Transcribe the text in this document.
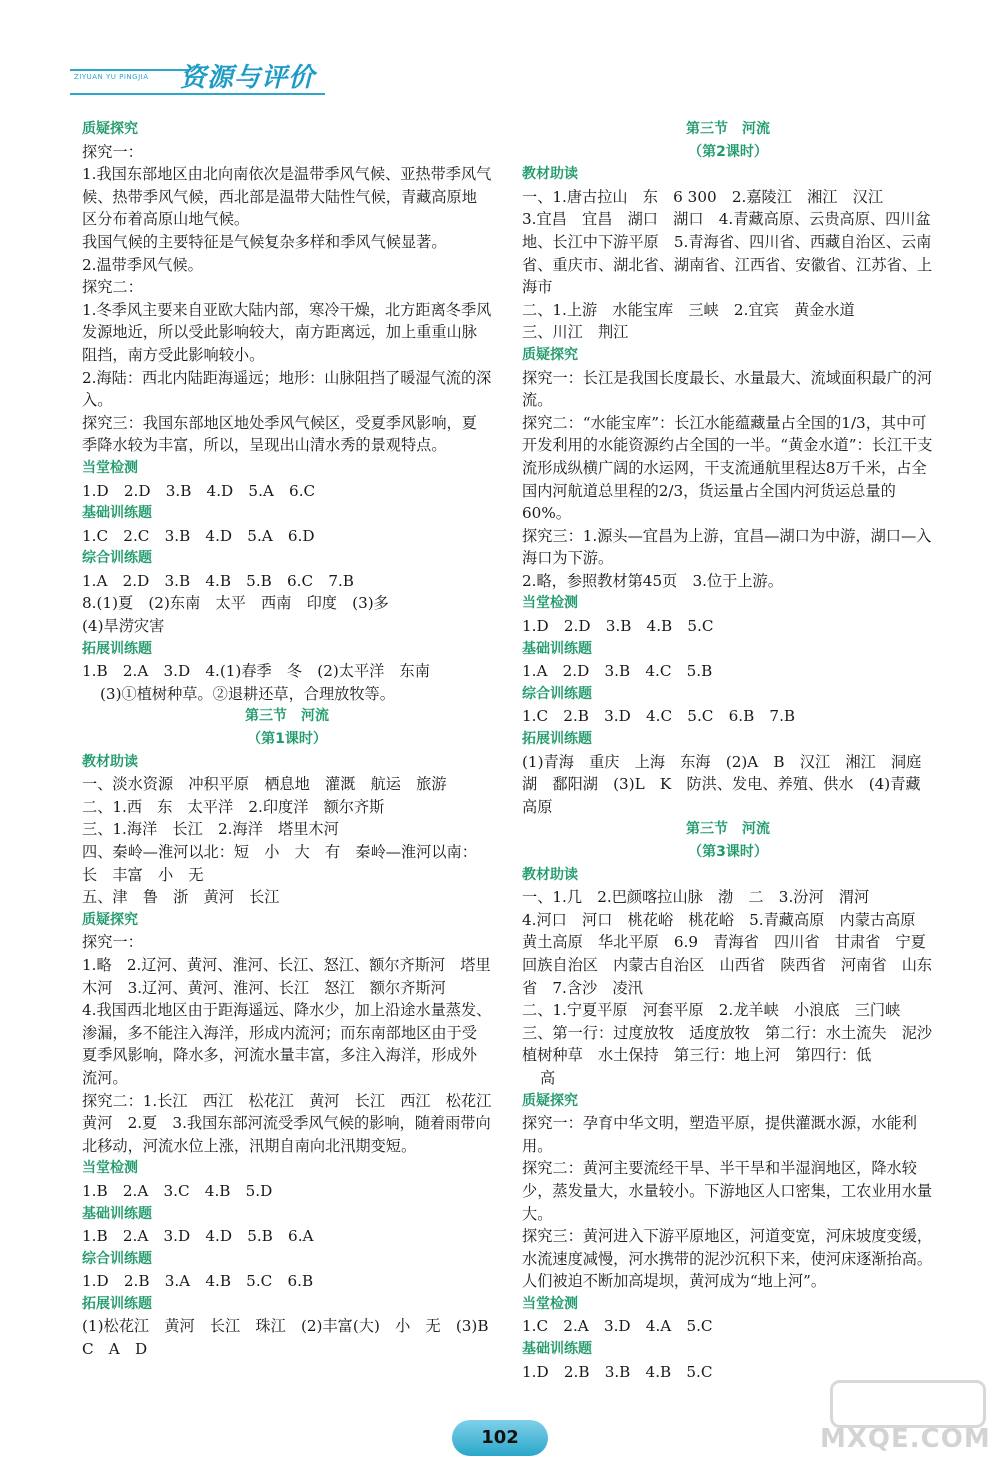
ZIYUAN YU PINGJIA 资源与评价
质疑探究
探究一：
1.我国东部地区由北向南依次是温带季风气候、亚热带季风气候、热带季风气候，西北部是温带大陆性气候，青藏高原地区分布着高原山地气候。
我国气候的主要特征是气候复杂多样和季风气候显著。
2.温带季风气候。
探究二：
1.冬季风主要来自亚欧大陆内部，寒冷干燥，北方距离冬季风发源地近，所以受此影响较大，南方距离远，加上重重山脉阻挡，南方受此影响较小。
2.海陆：西北内陆距海遥远；地形：山脉阻挡了暖湿气流的深入。
探究三：我国东部地区地处季风气候区，受夏季风影响，夏季降水较为丰富，所以，呈现出山清水秀的景观特点。
当堂检测
1.D　2.D　3.B　4.D　5.A　6.C
基础训练题
1.C　2.C　3.B　4.D　5.A　6.D
综合训练题
1.A　2.D　3.B　4.B　5.B　6.C　7.B
8.(1)夏　(2)东南　太平　西南　印度　(3)多
(4)旱涝灾害
拓展训练题
1.B　2.A　3.D　4.(1)春季　冬　(2)太平洋　东南
(3)①植树种草。②退耕还草，合理放牧等。
第三节　河流
（第1课时）
教材助读
一、淡水资源　冲积平原　栖息地　灌溉　航运　旅游
二、1.西　东　太平洋　2.印度洋　额尔齐斯
三、1.海洋　长江　2.海洋　塔里木河
四、秦岭—淮河以北：短　小　大　有　秦岭—淮河以南：长　丰富　小　无
五、津　鲁　浙　黄河　长江
质疑探究
探究一：
1.略　2.辽河、黄河、淮河、长江、怒江、额尔齐斯河　塔里木河　3.辽河、黄河、淮河、长江　怒江　额尔齐斯河
4.我国西北地区由于距海遥远、降水少，加上沿途水量蒸发、渗漏，多不能注入海洋，形成内流河；而东南部地区由于受夏季风影响，降水多，河流水量丰富，多注入海洋，形成外流河。
探究二：1.长江　西江　松花江　黄河　长江　西江　松花江　黄河　2.夏　3.我国东部河流受季风气候的影响，随着雨带向北移动，河流水位上涨，汛期自南向北汛期变短。
当堂检测
1.B　2.A　3.C　4.B　5.D
基础训练题
1.B　2.A　3.D　4.D　5.B　6.A
综合训练题
1.D　2.B　3.A　4.B　5.C　6.B
拓展训练题
(1)松花江　黄河　长江　珠江　(2)丰富(大)　小　无　(3)B　C　A　D
第三节　河流
（第2课时）
教材助读
一、1.唐古拉山　东　6 300　2.嘉陵江　湘江　汉江
3.宜昌　宜昌　湖口　湖口　4.青藏高原、云贵高原、四川盆地、长江中下游平原　5.青海省、四川省、西藏自治区、云南省、重庆市、湖北省、湖南省、江西省、安徽省、江苏省、上海市
二、1.上游　水能宝库　三峡　2.宜宾　黄金水道
三、川江　荆江
质疑探究
探究一：长江是我国长度最长、水量最大、流域面积最广的河流。
探究二：“水能宝库”：长江水能蕴藏量占全国的1/3，其中可开发利用的水能资源约占全国的一半。“黄金水道”：长江干支流形成纵横广阔的水运网，干支流通航里程达8万千米，占全国内河航道总里程的2/3，货运量占全国内河货运总量的60%。
探究三：1.源头—宜昌为上游，宜昌—湖口为中游，湖口—入海口为下游。
2.略，参照教材第45页　3.位于上游。
当堂检测
1.D　2.D　3.B　4.B　5.C
基础训练题
1.A　2.D　3.B　4.C　5.B
综合训练题
1.C　2.B　3.D　4.C　5.C　6.B　7.B
拓展训练题
(1)青海　重庆　上海　东海　(2)A　B　汉江　湘江　洞庭湖　鄱阳湖　(3)L　K　防洪、发电、养殖、供水　(4)青藏高原
第三节　河流
（第3课时）
教材助读
一、1.几　2.巴颜喀拉山脉　渤　二　3.汾河　渭河
4.河口　河口　桃花峪　桃花峪　5.青藏高原　内蒙古高原　黄土高原　华北平原　6.9　青海省　四川省　甘肃省　宁夏回族自治区　内蒙古自治区　山西省　陕西省　河南省　山东省　7.含沙　凌汛
二、1.宁夏平原　河套平原　2.龙羊峡　小浪底　三门峡
三、第一行：过度放牧　适度放牧　第二行：水土流失　泥沙　植树种草　水土保持　第三行：地上河　第四行：低
高
质疑探究
探究一：孕育中华文明，塑造平原，提供灌溉水源，水能利用。
探究二：黄河主要流经干旱、半干旱和半湿润地区，降水较少，蒸发量大，水量较小。下游地区人口密集，工农业用水量大。
探究三：黄河进入下游平原地区，河道变宽，河床坡度变缓，水流速度减慢，河水携带的泥沙沉积下来，使河床逐渐抬高。人们被迫不断加高堤坝，黄河成为“地上河”。
当堂检测
1.C　2.A　3.D　4.A　5.C
基础训练题
1.D　2.B　3.B　4.B　5.C
102	MXQE.COM
